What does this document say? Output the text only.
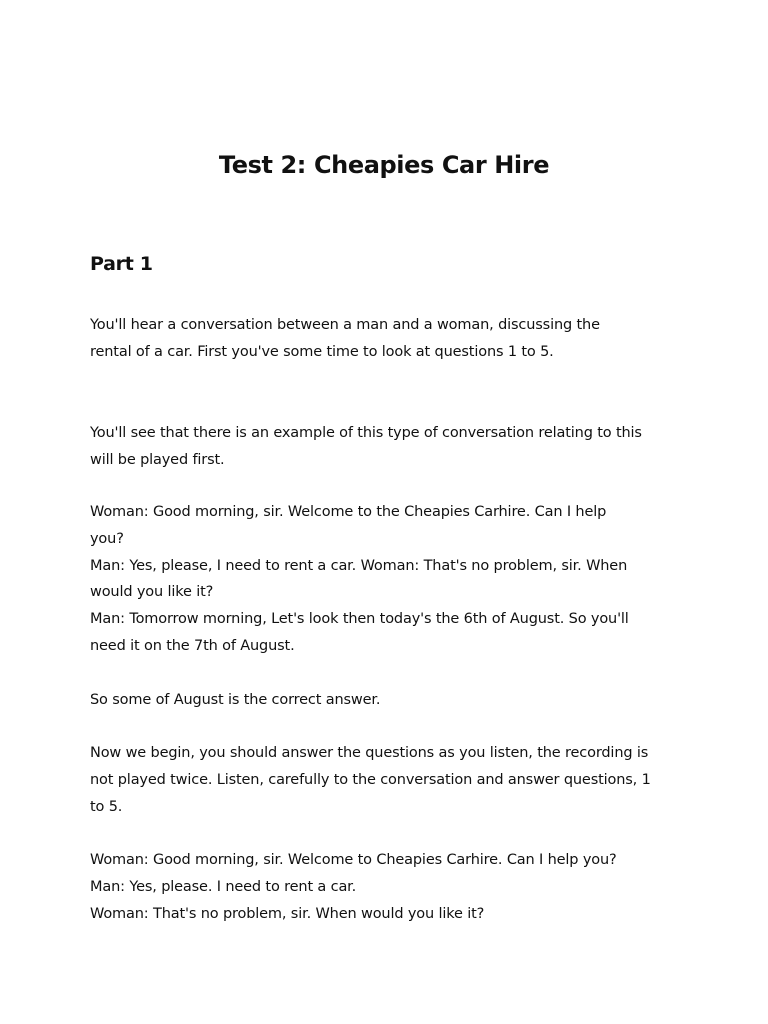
Test 2: Cheapies Car Hire
Part 1

You'll hear a conversation between a man and a woman, discussing the
rental of a car. First you've some time to look at questions 1 to 5.

You'll see that there is an example of this type of conversation relating to this
will be played first.

Woman: Good morning, sir. Welcome to the Cheapies Carhire. Can I help
you?
Man: Yes, please, I need to rent a car. Woman: That's no problem, sir. When
would you like it?
Man: Tomorrow morning, Let's look then today's the 6th of August. So you'll
need it on the 7th of August.

So some of August is the correct answer.

Now we begin, you should answer the questions as you listen, the recording is
not played twice. Listen, carefully to the conversation and answer questions, 1
to 5.

Woman: Good morning, sir. Welcome to Cheapies Carhire. Can I help you?
Man: Yes, please. I need to rent a car.
Woman: That's no problem, sir. When would you like it?
